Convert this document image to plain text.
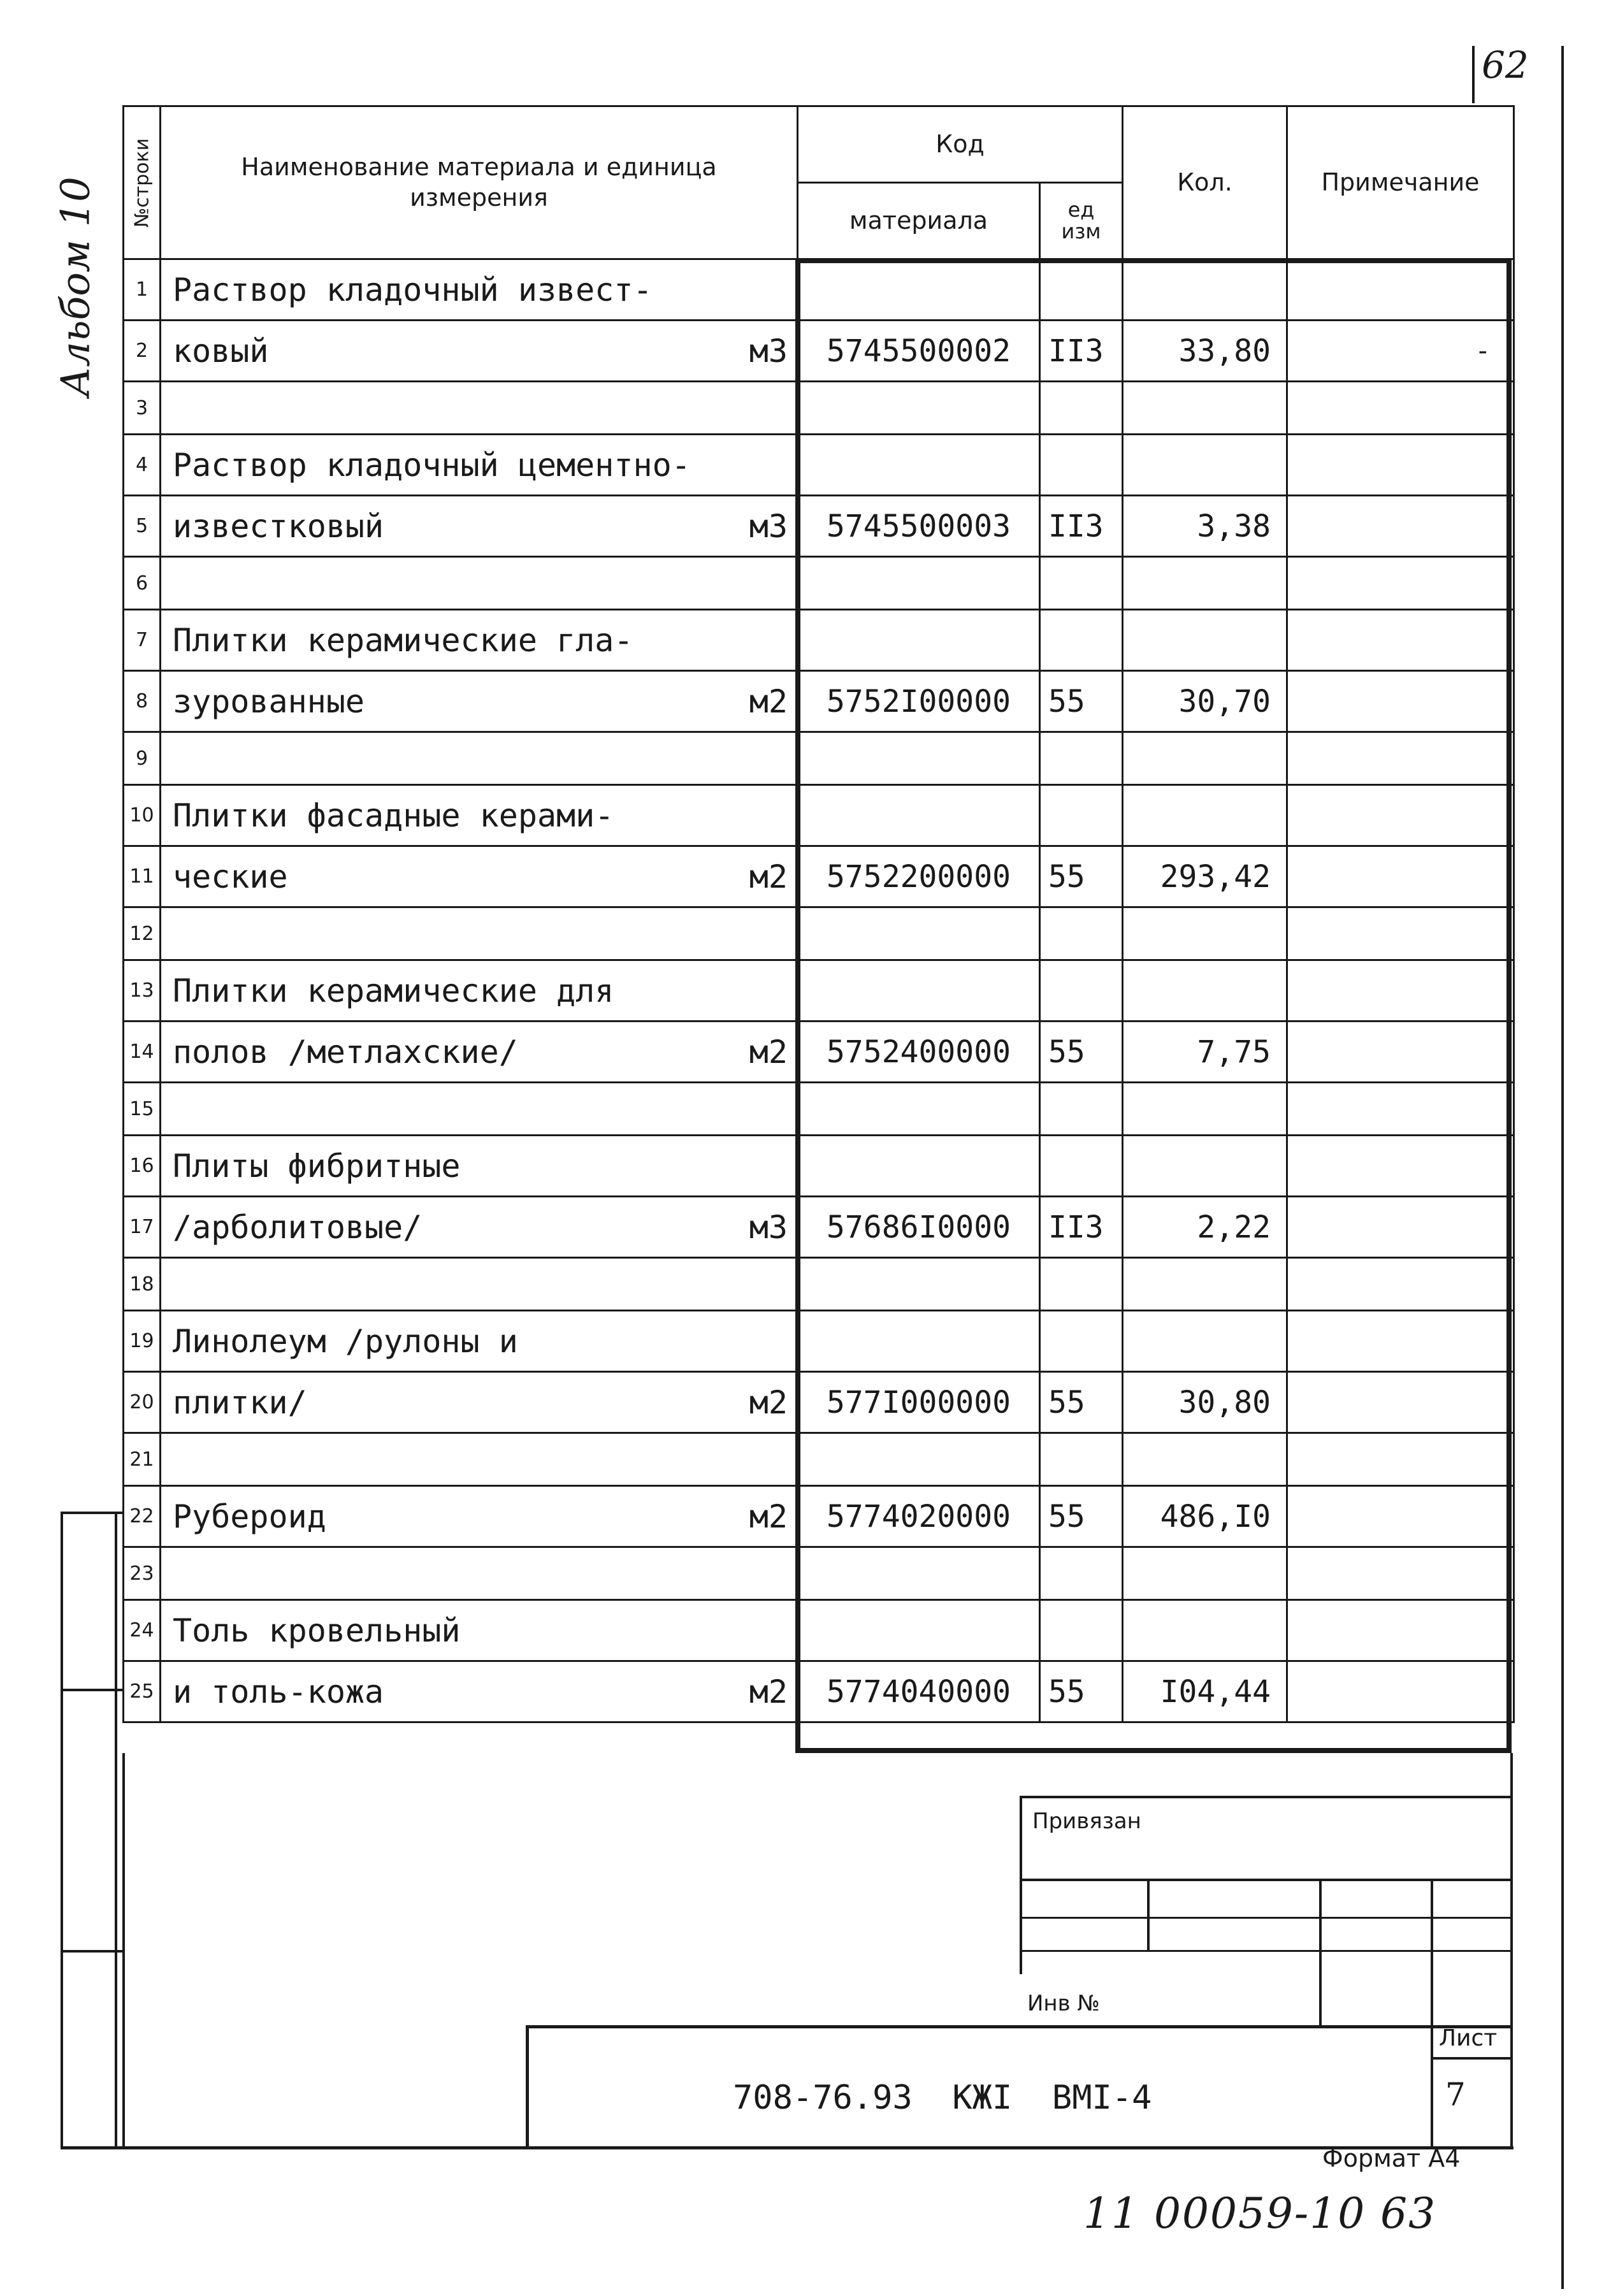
62
Альбом 10 №строки	Наименование материала и единица измерения	Код		Кол.	Примечание
		материала	ед изм		

1	Раствор кладочный извест-

2	ковый м3	5745500002	II3	33,80	-
3	

4	Раствор кладочный цементно-

5	известковый м3	5745500003	II3	3,38	
6	

7	Плитки керамические гла-

8	зурованные м2	5752I00000	55	30,70	
9	

10	Плитки фасадные керами-

11	ческие м2	5752200000	55	293,42	
12	

13	Плитки керамические для

14	полов /метлахские/ м2	5752400000	55	7,75	
15	

16	Плиты фибритные

17	/арболитовые/ м3	57686I0000	II3	2,22	
18	

19	Линолеум /рулоны и

20	плитки/ м2	577I000000	55	30,80	
21	

22	Рубероид м2	5774020000	55	486,I0	
23	

24	Толь кровельный

25	и толь-кожа м2	5774040000	55	I04,44	
Привязан
Инв №
708-76.93  КЖI  ВМI-4
Лист
7
Формат А4
11 00059-10 63
